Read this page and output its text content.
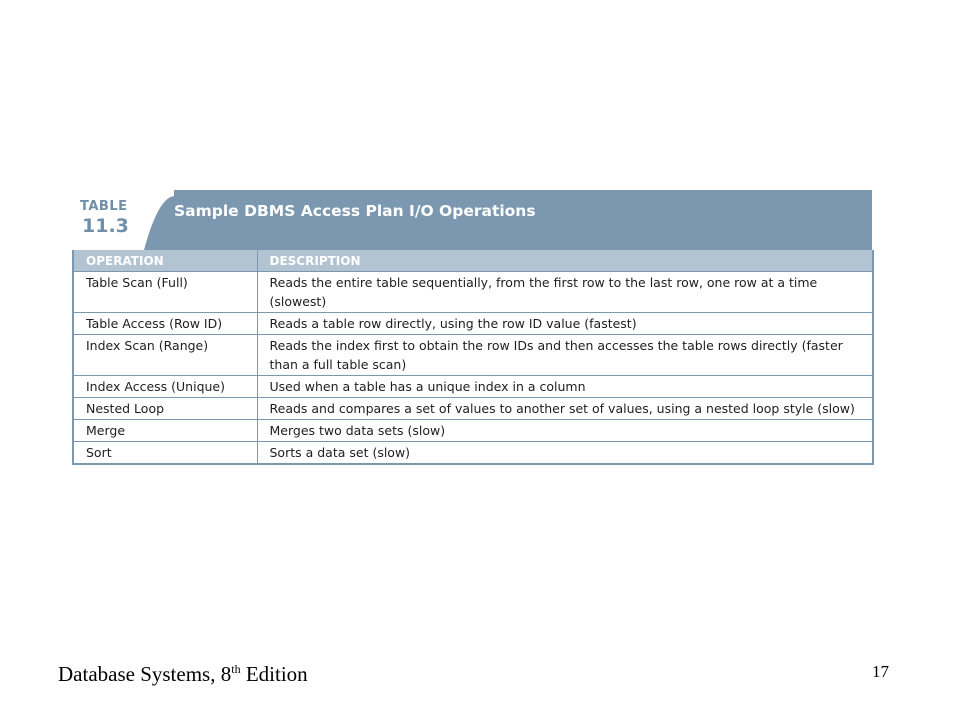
TABLE
11.3
Sample DBMS Access Plan I/O Operations
OPERATION	DESCRIPTION
Table Scan (Full)	Reads the entire table sequentially, from the first row to the last row, one row at a time (slowest)
Table Access (Row ID)	Reads a table row directly, using the row ID value (fastest)
Index Scan (Range)	Reads the index first to obtain the row IDs and then accesses the table rows directly (faster than a full table scan)
Index Access (Unique)	Used when a table has a unique index in a column
Nested Loop	Reads and compares a set of values to another set of values, using a nested loop style (slow)
Merge	Merges two data sets (slow)
Sort	Sorts a data set (slow)
Database Systems, 8th Edition	17
